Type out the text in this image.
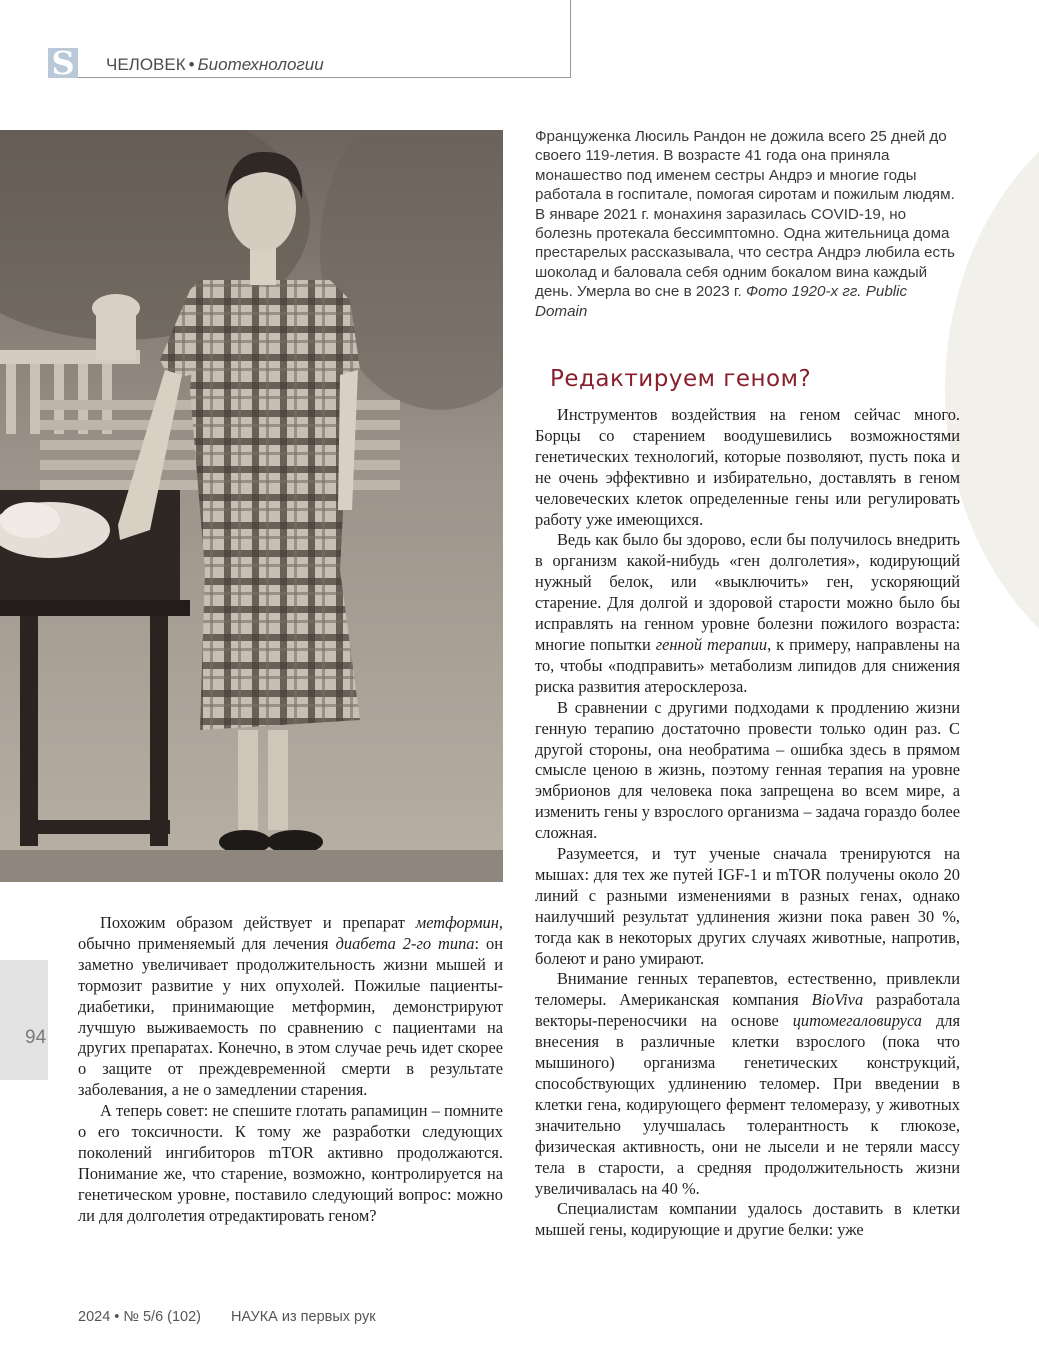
S ЧЕЛОВЕК • Биотехнологии
Француженка Люсиль Рандон не дожила всего 25 дней до своего 119-летия. В возрасте 41 года она приняла монашество под именем сестры Андрэ и многие годы работала в госпитале, помогая сиротам и пожилым людям. В январе 2021 г. монахиня заразилась COVID-19, но болезнь протекала бессимптомно. Одна жительница дома престарелых рассказывала, что сестра Андрэ любила есть шоколад и баловала себя одним бокалом вина каждый день. Умерла во сне в 2023 г. Фото 1920-х гг. Public Domain
Редактируем геном?

Инструментов воздействия на геном сейчас много. Борцы со старением воодушевились возможностями генетических технологий, которые позволяют, пусть пока и не очень эффективно и избирательно, доставлять в геном человеческих клеток определенные гены или регулировать работу уже имеющихся.

Ведь как было бы здорово, если бы получилось внедрить в организм какой-нибудь «ген долголетия», кодирующий нужный белок, или «выключить» ген, ускоряющий старение. Для долгой и здоровой старости можно было бы исправлять на генном уровне болезни пожилого возраста: многие попытки генной терапии, к примеру, направлены на то, чтобы «подправить» метаболизм липидов для снижения риска развития атеросклероза.

В сравнении с другими подходами к продлению жизни генную терапию достаточно провести только один раз. С другой стороны, она необратима – ошибка здесь в прямом смысле ценою в жизнь, поэтому генная терапия на уровне эмбрионов для человека пока запрещена во всем мире, а изменить гены у взрослого организма – задача гораздо более сложная.

Разумеется, и тут ученые сначала тренируются на мышах: для тех же путей IGF-1 и mTOR получены около 20 линий с разными изменениями в разных генах, однако наилучший результат удлинения жизни пока равен 30 %, тогда как в некоторых других случаях животные, напротив, болеют и рано умирают.

Внимание генных терапевтов, естественно, привлекли теломеры. Американская компания BioViva разработала векторы-переносчики на основе цитомегаловируса для внесения в различные клетки взрослого (пока что мышиного) организма генетических конструкций, способствующих удлинению теломер. При введении в клетки гена, кодирующего фермент теломеразу, у животных значительно улучшалась толерантность к глюкозе, физическая активность, они не лысели и не теряли массу тела в старости, а средняя продолжительность жизни увеличивалась на 40 %.

Специалистам компании удалось доставить в клетки мышей гены, кодирующие и другие белки: уже

Похожим образом действует и препарат метформин, обычно применяемый для лечения диабета 2-го типа: он заметно увеличивает продолжительность жизни мышей и тормозит развитие у них опухолей. Пожилые пациенты-диабетики, принимающие метформин, демонстрируют лучшую выживаемость по сравнению с пациентами на других препаратах. Конечно, в этом случае речь идет скорее о защите от преждевременной смерти в результате заболевания, а не о замедлении старения.

А теперь совет: не спешите глотать рапамицин – помните о его токсичности. К тому же разработки следующих поколений ингибиторов mTOR активно продолжаются. Понимание же, что старение, возможно, контролируется на генетическом уровне, поставило следующий вопрос: можно ли для долголетия отредактировать геном?

94
2024 • № 5/6 (102) НАУКА из первых рук
